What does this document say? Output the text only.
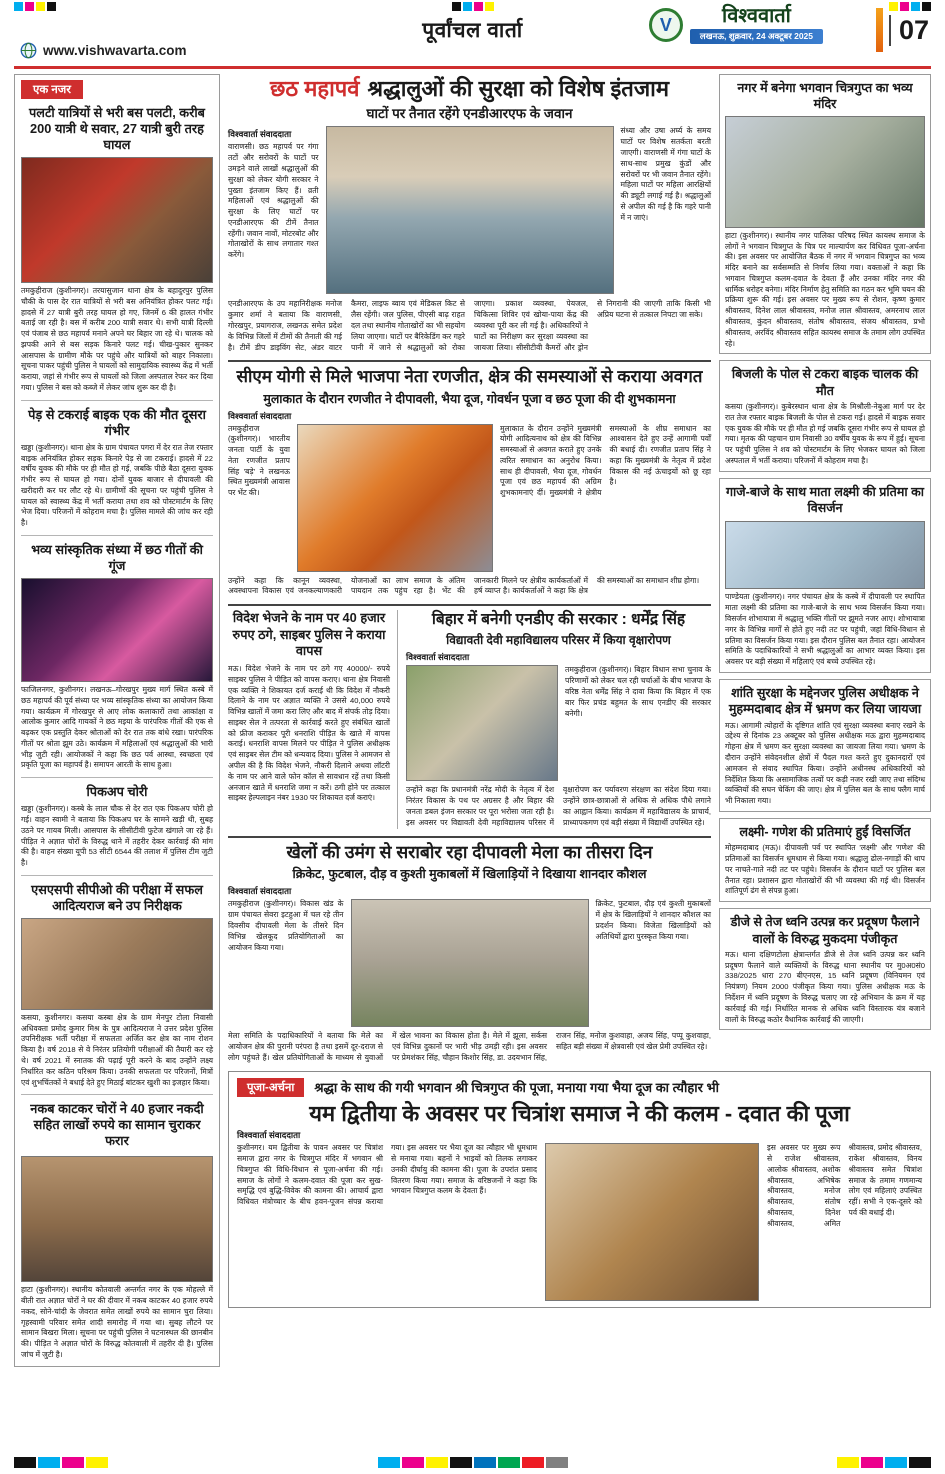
पूर्वांचल वार्ता
www.vishwavarta.com
V	विश्ववार्ता
लखनऊ, शुक्रवार, 24 अक्टूबर 2025	07
एक नजर
पलटी यात्रियों से भरी बस पलटी, करीब 200 यात्री थे सवार, 27 यात्री बुरी तरह घायल

तमकुहीराज (कुशीनगर)। तरयासुजान थाना क्षेत्र के बहादुरपुर पुलिस चौकी के पास देर रात यात्रियों से भरी बस अनियंत्रित होकर पलट गई। हादसे में 27 यात्री बुरी तरह घायल हो गए, जिनमें 6 की हालत गंभीर बताई जा रही है। बस में करीब 200 यात्री सवार थे। सभी यात्री दिल्ली एवं पंजाब से छठ महापर्व मनाने अपने घर बिहार जा रहे थे। चालक को झपकी आने से बस सड़क किनारे पलट गई। चीख-पुकार सुनकर आसपास के ग्रामीण मौके पर पहुंचे और यात्रियों को बाहर निकाला। सूचना पाकर पहुंची पुलिस ने घायलों को सामुदायिक स्वास्थ्य केंद्र में भर्ती कराया, जहां से गंभीर रूप से घायलों को जिला अस्पताल रेफर कर दिया गया। पुलिस ने बस को कब्जे में लेकर जांच शुरू कर दी है।

पेड़ से टकराई बाइक एक की मौत दूसरा गंभीर

खड्डा (कुशीनगर)। थाना क्षेत्र के ग्राम पंचायत पगरा में देर रात तेज रफ्तार बाइक अनियंत्रित होकर सड़क किनारे पेड़ से जा टकराई। हादसे में 22 वर्षीय युवक की मौके पर ही मौत हो गई, जबकि पीछे बैठा दूसरा युवक गंभीर रूप से घायल हो गया। दोनों युवक बाजार से दीपावली की खरीदारी कर घर लौट रहे थे। ग्रामीणों की सूचना पर पहुंची पुलिस ने घायल को स्वास्थ्य केंद्र में भर्ती कराया तथा शव को पोस्टमार्टम के लिए भेज दिया। परिजनों में कोहराम मचा है। पुलिस मामले की जांच कर रही है।

भव्य सांस्कृतिक संध्या में छठ गीतों की गूंज

फाजिलनगर, कुशीनगर। लखनऊ–गोरखपुर मुख्य मार्ग स्थित कस्बे में छठ महापर्व की पूर्व संध्या पर भव्य सांस्कृतिक संध्या का आयोजन किया गया। कार्यक्रम में गोरखपुर से आए लोक कलाकारों तथा आकांक्षा व आलोक कुमार आदि गायकों ने छठ मइया के पारंपरिक गीतों की एक से बढ़कर एक प्रस्तुति देकर श्रोताओं को देर रात तक बांधे रखा। पारंपरिक गीतों पर श्रोता झूम उठे। कार्यक्रम में महिलाओं एवं श्रद्धालुओं की भारी भीड़ जुटी रही। आयोजकों ने कहा कि छठ पर्व आस्था, स्वच्छता एवं प्रकृति पूजा का महापर्व है। समापन आरती के साथ हुआ।

पिकअप चोरी

खड्डा (कुशीनगर)। कस्बे के लाल चौक से देर रात एक पिकअप चोरी हो गई। वाहन स्वामी ने बताया कि पिकअप घर के सामने खड़ी थी, सुबह उठने पर गायब मिली। आसपास के सीसीटीवी फुटेज खंगाले जा रहे हैं। पीड़ित ने अज्ञात चोरों के विरुद्ध थाने में तहरीर देकर कार्रवाई की मांग की है। वाहन संख्या यूपी 53 सीटी 6544 की तलाश में पुलिस टीम जुटी है।

एसएसपी सीपीओ की परीक्षा में सफल आदित्यराज बने उप निरीक्षक

कसया, कुशीनगर। कसया कस्बा क्षेत्र के ग्राम मेनपुर टोला निवासी अधिवक्ता प्रमोद कुमार मिश्र के पुत्र आदित्यराज ने उत्तर प्रदेश पुलिस उपनिरीक्षक भर्ती परीक्षा में सफलता अर्जित कर क्षेत्र का नाम रोशन किया है। वर्ष 2018 से वे निरंतर प्रतियोगी परीक्षाओं की तैयारी कर रहे थे। वर्ष 2021 में स्नातक की पढ़ाई पूरी करने के बाद उन्होंने लक्ष्य निर्धारित कर कठिन परिश्रम किया। उनकी सफलता पर परिजनों, मित्रों एवं शुभचिंतकों ने बधाई देते हुए मिठाई बांटकर खुशी का इजहार किया।

नकब काटकर चोरों ने 40 हजार नकदी सहित लाखों रुपये का सामान चुराकर फरार

हाटा (कुशीनगर)। स्थानीय कोतवाली अन्तर्गत नगर के एक मोहल्ले में बीती रात अज्ञात चोरों ने घर की दीवार में नकब काटकर 40 हजार रुपये नकद, सोने-चांदी के जेवरात समेत लाखों रुपये का सामान चुरा लिया। गृहस्वामी परिवार समेत शादी समारोह में गया था। सुबह लौटने पर सामान बिखरा मिला। सूचना पर पहुंची पुलिस ने घटनास्थल की छानबीन की। पीड़ित ने अज्ञात चोरों के विरुद्ध कोतवाली में तहरीर दी है। पुलिस जांच में जुटी है।

छठ महापर्व श्रद्धालुओं की सुरक्षा को विशेष इंतजाम
घाटों पर तैनात रहेंगे एनडीआरएफ के जवान
विश्ववार्ता संवाददाता

वाराणसी। छठ महापर्व पर गंगा तटों और सरोवरों के घाटों पर उमड़ने वाले लाखों श्रद्धालुओं की सुरक्षा को लेकर योगी सरकार ने पुख्ता इंतजाम किए हैं। व्रती महिलाओं एवं श्रद्धालुओं की सुरक्षा के लिए घाटों पर एनडीआरएफ की टीमें तैनात रहेंगी। जवान नावों, मोटरबोट और गोताखोरों के साथ लगातार गश्त करेंगे।

संध्या और उषा अर्घ्य के समय घाटों पर विशेष सतर्कता बरती जाएगी। वाराणसी में गंगा घाटों के साथ-साथ प्रमुख कुंडों और सरोवरों पर भी जवान तैनात रहेंगे। महिला घाटों पर महिला आरक्षियों की ड्यूटी लगाई गई है। श्रद्धालुओं से अपील की गई है कि गहरे पानी में न जाएं।

एनडीआरएफ के उप महानिरीक्षक मनोज कुमार शर्मा ने बताया कि वाराणसी, गोरखपुर, प्रयागराज, लखनऊ समेत प्रदेश के विभिन्न जिलों में टीमों की तैनाती की गई है। टीमें डीप डाइविंग सेट, अंडर वाटर कैमरा, लाइफ ब्वाय एवं मेडिकल किट से लैस रहेंगी। जल पुलिस, पीएसी बाढ़ राहत दल तथा स्थानीय गोताखोरों का भी सहयोग लिया जाएगा। घाटों पर बैरिकेडिंग कर गहरे पानी में जाने से श्रद्धालुओं को रोका जाएगा। प्रकाश व्यवस्था, पेयजल, चिकित्सा शिविर एवं खोया-पाया केंद्र की व्यवस्था पूरी कर ली गई है। अधिकारियों ने घाटों का निरीक्षण कर सुरक्षा व्यवस्था का जायजा लिया। सीसीटीवी कैमरों और ड्रोन से निगरानी की जाएगी ताकि किसी भी अप्रिय घटना से तत्काल निपटा जा सके।

सीएम योगी से मिले भाजपा नेता रणजीत, क्षेत्र की समस्याओं से कराया अवगत
मुलाकात के दौरान रणजीत ने दीपावली, भैया दूज, गोवर्धन पूजा व छठ पूजा की दी शुभकामना
विश्ववार्ता संवाददाता

तमकुहीराज (कुशीनगर)। भारतीय जनता पार्टी के युवा नेता रणजीत प्रताप सिंह 'बड़े' ने लखनऊ स्थित मुख्यमंत्री आवास पर भेंट की।

मुलाकात के दौरान उन्होंने मुख्यमंत्री योगी आदित्यनाथ को क्षेत्र की विभिन्न समस्याओं से अवगत कराते हुए उनके त्वरित समाधान का अनुरोध किया। साथ ही दीपावली, भैया दूज, गोवर्धन पूजा एवं छठ महापर्व की अग्रिम शुभकामनाएं दीं। मुख्यमंत्री ने क्षेत्रीय समस्याओं के शीघ्र समाधान का आश्वासन देते हुए उन्हें आगामी पर्वों की बधाई दी। रणजीत प्रताप सिंह ने कहा कि मुख्यमंत्री के नेतृत्व में प्रदेश विकास की नई ऊंचाइयों को छू रहा है।

उन्होंने कहा कि कानून व्यवस्था, अवस्थापना विकास एवं जनकल्याणकारी योजनाओं का लाभ समाज के अंतिम पायदान तक पहुंच रहा है। भेंट की जानकारी मिलने पर क्षेत्रीय कार्यकर्ताओं में हर्ष व्याप्त है। कार्यकर्ताओं ने कहा कि क्षेत्र की समस्याओं का समाधान शीघ्र होगा।

विदेश भेजने के नाम पर 40 हजार रुपए ठगे, साइबर पुलिस ने कराया वापस

मऊ। विदेश भेजने के नाम पर ठगे गए 40000/- रुपये साइबर पुलिस ने पीड़ित को वापस कराए। थाना क्षेत्र निवासी एक व्यक्ति ने शिकायत दर्ज कराई थी कि विदेश में नौकरी दिलाने के नाम पर अज्ञात व्यक्ति ने उससे 40,000 रुपये विभिन्न खातों में जमा करा लिए और बाद में संपर्क तोड़ दिया। साइबर सेल ने तत्परता से कार्रवाई करते हुए संबंधित खातों को फ्रीज कराकर पूरी धनराशि पीड़ित के खाते में वापस कराई। धनराशि वापस मिलने पर पीड़ित ने पुलिस अधीक्षक एवं साइबर सेल टीम को धन्यवाद दिया। पुलिस ने आमजन से अपील की है कि विदेश भेजने, नौकरी दिलाने अथवा लॉटरी के नाम पर आने वाले फोन कॉल से सावधान रहें तथा किसी अनजान खाते में धनराशि जमा न करें। ठगी होने पर तत्काल साइबर हेल्पलाइन नंबर 1930 पर शिकायत दर्ज कराएं।

बिहार में बनेगी एनडीए की सरकार : धर्मेंद्र सिंह
विद्यावती देवी महाविद्यालय परिसर में किया वृक्षारोपण
विश्ववार्ता संवाददाता

तमकुहीराज (कुशीनगर)। बिहार विधान सभा चुनाव के परिणामों को लेकर चल रही चर्चाओं के बीच भाजपा के वरिष्ठ नेता धर्मेंद्र सिंह ने दावा किया कि बिहार में एक बार फिर प्रचंड बहुमत के साथ एनडीए की सरकार बनेगी।

उन्होंने कहा कि प्रधानमंत्री नरेंद्र मोदी के नेतृत्व में देश निरंतर विकास के पथ पर अग्रसर है और बिहार की जनता डबल इंजन सरकार पर पूरा भरोसा जता रही है। इस अवसर पर विद्यावती देवी महाविद्यालय परिसर में वृक्षारोपण कर पर्यावरण संरक्षण का संदेश दिया गया। उन्होंने छात्र-छात्राओं से अधिक से अधिक पौधे लगाने का आह्वान किया। कार्यक्रम में महाविद्यालय के प्राचार्य, प्राध्यापकगण एवं बड़ी संख्या में विद्यार्थी उपस्थित रहे।

खेलों की उमंग से सराबोर रहा दीपावली मेला का तीसरा दिन
क्रिकेट, फुटबाल, दौड़ व कुश्ती मुकाबलों में खिलाड़ियों ने दिखाया शानदार कौशल
विश्ववार्ता संवाददाता

तमकुहीराज (कुशीनगर)। विकास खंड के ग्राम पंचायत सेवरा इटहुआ में चल रहे तीन दिवसीय दीपावली मेला के तीसरे दिन विभिन्न खेलकूद प्रतियोगिताओं का आयोजन किया गया।

क्रिकेट, फुटबाल, दौड़ एवं कुश्ती मुकाबलों में क्षेत्र के खिलाड़ियों ने शानदार कौशल का प्रदर्शन किया। विजेता खिलाड़ियों को अतिथियों द्वारा पुरस्कृत किया गया।

मेला समिति के पदाधिकारियों ने बताया कि मेले का आयोजन क्षेत्र की पुरानी परंपरा है तथा इसमें दूर-दराज से लोग पहुंचते हैं। खेल प्रतियोगिताओं के माध्यम से युवाओं में खेल भावना का विकास होता है। मेले में झूला, सर्कस एवं विभिन्न दुकानों पर भारी भीड़ उमड़ी रही। इस अवसर पर प्रेमशंकर सिंह, चौहान किशोर सिंह, डा. उदयभान सिंह, राजन सिंह, मनोज कुशवाहा, अजय सिंह, पप्पू कुशवाहा, सहित बड़ी संख्या में क्षेत्रवासी एवं खेल प्रेमी उपस्थित रहे।

नगर में बनेगा भगवान चित्रगुप्त का भव्य मंदिर

हाटा (कुशीनगर)। स्थानीय नगर पालिका परिषद स्थित कायस्थ समाज के लोगों ने भगवान चित्रगुप्त के चित्र पर माल्यार्पण कर विधिवत पूजा-अर्चना की। इस अवसर पर आयोजित बैठक में नगर में भगवान चित्रगुप्त का भव्य मंदिर बनाने का सर्वसम्मति से निर्णय लिया गया। वक्ताओं ने कहा कि भगवान चित्रगुप्त कलम-दवात के देवता हैं और उनका मंदिर नगर की धार्मिक धरोहर बनेगा। मंदिर निर्माण हेतु समिति का गठन कर भूमि चयन की प्रक्रिया शुरू की गई। इस अवसर पर मुख्य रूप से रोशन, कृष्ण कुमार श्रीवास्तव, दिनेश लाल श्रीवास्तव, मनोज लाल श्रीवास्तव, अमरनाथ लाल श्रीवास्तव, कुंदन श्रीवास्तव, संतोष श्रीवास्तव, संजय श्रीवास्तव, प्रभो श्रीवास्तव, अरविंद श्रीवास्तव सहित कायस्थ समाज के तमाम लोग उपस्थित रहे।

बिजली के पोल से टकरा बाइक चालक की मौत

कसया (कुशीनगर)। कुबेरस्थान थाना क्षेत्र के मिश्रौली-नेबुआ मार्ग पर देर रात तेज रफ्तार बाइक बिजली के पोल से टकरा गई। हादसे में बाइक सवार एक युवक की मौके पर ही मौत हो गई जबकि दूसरा गंभीर रूप से घायल हो गया। मृतक की पहचान ग्राम निवासी 30 वर्षीय युवक के रूप में हुई। सूचना पर पहुंची पुलिस ने शव को पोस्टमार्टम के लिए भेजकर घायल को जिला अस्पताल में भर्ती कराया। परिजनों में कोहराम मचा है।

गाजे-बाजे के साथ माता लक्ष्मी की प्रतिमा का विसर्जन

पाण्डेयता (कुशीनगर)। नगर पंचायत क्षेत्र के कस्बे में दीपावली पर स्थापित माता लक्ष्मी की प्रतिमा का गाजे-बाजे के साथ भव्य विसर्जन किया गया। विसर्जन शोभायात्रा में श्रद्धालु भक्ति गीतों पर झूमते नजर आए। शोभायात्रा नगर के विभिन्न मार्गों से होते हुए नदी तट पर पहुंची, जहां विधि-विधान से प्रतिमा का विसर्जन किया गया। इस दौरान पुलिस बल तैनात रहा। आयोजन समिति के पदाधिकारियों ने सभी श्रद्धालुओं का आभार व्यक्त किया। इस अवसर पर बड़ी संख्या में महिलाएं एवं बच्चे उपस्थित रहे।

शांति सुरक्षा के मद्देनजर पुलिस अधीक्षक ने मुहम्मदाबाद क्षेत्र में भ्रमण कर लिया जायजा

मऊ। आगामी त्योहारों के दृष्टिगत शांति एवं सुरक्षा व्यवस्था बनाए रखने के उद्देश्य से दिनांक 23 अक्टूबर को पुलिस अधीक्षक मऊ द्वारा मुहम्मदाबाद गोहना क्षेत्र में भ्रमण कर सुरक्षा व्यवस्था का जायजा लिया गया। भ्रमण के दौरान उन्होंने संवेदनशील क्षेत्रों में पैदल गश्त करते हुए दुकानदारों एवं आमजन से संवाद स्थापित किया। उन्होंने अधीनस्थ अधिकारियों को निर्देशित किया कि असामाजिक तत्वों पर कड़ी नजर रखी जाए तथा संदिग्ध व्यक्तियों की सघन चेकिंग की जाए। क्षेत्र में पुलिस बल के साथ फ्लैग मार्च भी निकाला गया।

लक्ष्मी- गणेश की प्रतिमाएं हुईं विसर्जित

मोहम्मदाबाद (मऊ)। दीपावली पर्व पर स्थापित 'लक्ष्मी' और 'गणेश' की प्रतिमाओं का विसर्जन धूमधाम से किया गया। श्रद्धालु ढोल-नगाड़ों की थाप पर नाचते-गाते नदी तट पर पहुंचे। विसर्जन के दौरान घाटों पर पुलिस बल तैनात रहा। प्रशासन द्वारा गोताखोरों की भी व्यवस्था की गई थी। विसर्जन शांतिपूर्ण ढंग से संपन्न हुआ।

डीजे से तेज ध्वनि उत्पन्न कर प्रदूषण फैलाने वालों के विरुद्ध मुकदमा पंजीकृत

मऊ। थाना दक्षिणटोला क्षेत्रान्तर्गत डीजे से तेज ध्वनि उत्पन्न कर ध्वनि प्रदूषण फैलाने वाले व्यक्तियों के विरुद्ध थाना स्थानीय पर मु0अ0सं0 338/2025 धारा 270 बीएनएस, 15 ध्वनि प्रदूषण (विनियमन एवं नियंत्रण) नियम 2000 पंजीकृत किया गया। पुलिस अधीक्षक मऊ के निर्देशन में ध्वनि प्रदूषण के विरुद्ध चलाए जा रहे अभियान के क्रम में यह कार्रवाई की गई। निर्धारित मानक से अधिक ध्वनि विस्तारक यंत्र बजाने वालों के विरुद्ध कठोर वैधानिक कार्रवाई की जाएगी।

पूजा-अर्चना	श्रद्धा के साथ की गयी भगवान श्री चित्रगुप्त की पूजा, मनाया गया भैया दूज का त्यौहार भी
यम द्वितीया के अवसर पर चित्रांश समाज ने की कलम - दवात की पूजा
विश्ववार्ता संवाददाता

कुशीनगर। यम द्वितीया के पावन अवसर पर चित्रांश समाज द्वारा नगर के चित्रगुप्त मंदिर में भगवान श्री चित्रगुप्त की विधि-विधान से पूजा-अर्चना की गई। समाज के लोगों ने कलम-दवात की पूजा कर सुख-समृद्धि एवं बुद्धि-विवेक की कामना की। आचार्य द्वारा विधिवत मंत्रोच्चार के बीच हवन-पूजन संपन्न कराया गया। इस अवसर पर भैया दूज का त्यौहार भी धूमधाम से मनाया गया। बहनों ने भाइयों को तिलक लगाकर उनकी दीर्घायु की कामना की। पूजा के उपरांत प्रसाद वितरण किया गया। समाज के वरिष्ठजनों ने कहा कि भगवान चित्रगुप्त कलम के देवता हैं।

इस अवसर पर मुख्य रूप से राजेश श्रीवास्तव, आलोक श्रीवास्तव, अशोक श्रीवास्तव, अभिषेक श्रीवास्तव, मनोज श्रीवास्तव, संतोष श्रीवास्तव, दिनेश श्रीवास्तव, अमित श्रीवास्तव, प्रमोद श्रीवास्तव, राकेश श्रीवास्तव, विनय श्रीवास्तव समेत चित्रांश समाज के तमाम गणमान्य लोग एवं महिलाएं उपस्थित रहीं। सभी ने एक-दूसरे को पर्व की बधाई दी।
